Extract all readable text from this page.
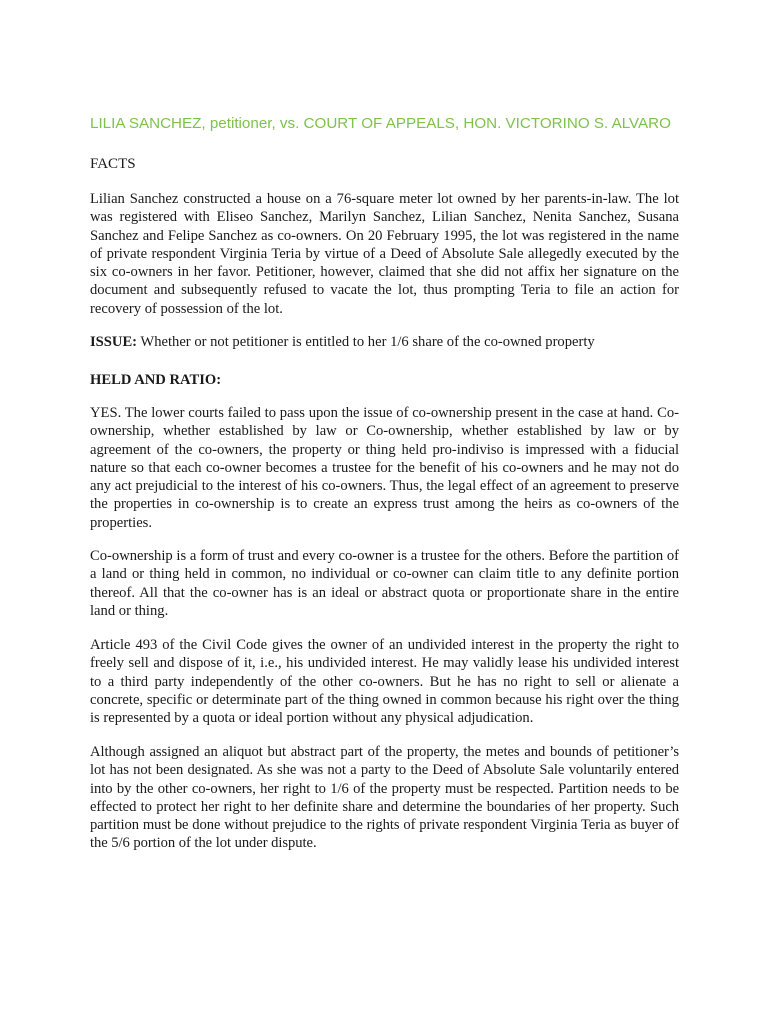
LILIA SANCHEZ, petitioner, vs. COURT OF APPEALS, HON. VICTORINO S. ALVARO
FACTS

Lilian Sanchez constructed a house on a 76-square meter lot owned by her parents-in-law. The lot was registered with Eliseo Sanchez, Marilyn Sanchez, Lilian Sanchez, Nenita Sanchez, Susana Sanchez and Felipe Sanchez as co-owners. On 20 February 1995, the lot was registered in the name of private respondent Virginia Teria by virtue of a Deed of Absolute Sale allegedly executed by the six co-owners in her favor. Petitioner, however, claimed that she did not affix her signature on the document and subsequently refused to vacate the lot, thus prompting Teria to file an action for recovery of possession of the lot.

ISSUE: Whether or not petitioner is entitled to her 1/6 share of the co-owned property
HELD AND RATIO:

YES. The lower courts failed to pass upon the issue of co-ownership present in the case at hand. Co-ownership, whether established by law or Co-ownership, whether established by law or by agreement of the co-owners, the property or thing held pro-indiviso is impressed with a fiducial nature so that each co-owner becomes a trustee for the benefit of his co-owners and he may not do any act prejudicial to the interest of his co-owners. Thus, the legal effect of an agreement to preserve the properties in co-ownership is to create an express trust among the heirs as co-owners of the properties.

Co-ownership is a form of trust and every co-owner is a trustee for the others. Before the partition of a land or thing held in common, no individual or co-owner can claim title to any definite portion thereof. All that the co-owner has is an ideal or abstract quota or proportionate share in the entire land or thing.

Article 493 of the Civil Code gives the owner of an undivided interest in the property the right to freely sell and dispose of it, i.e., his undivided interest. He may validly lease his undivided interest to a third party independently of the other co-owners. But he has no right to sell or alienate a concrete, specific or determinate part of the thing owned in common because his right over the thing is represented by a quota or ideal portion without any physical adjudication.

Although assigned an aliquot but abstract part of the property, the metes and bounds of petitioner’s lot has not been designated. As she was not a party to the Deed of Absolute Sale voluntarily entered into by the other co-owners, her right to 1/6 of the property must be respected. Partition needs to be effected to protect her right to her definite share and determine the boundaries of her property. Such partition must be done without prejudice to the rights of private respondent Virginia Teria as buyer of the 5/6 portion of the lot under dispute.
